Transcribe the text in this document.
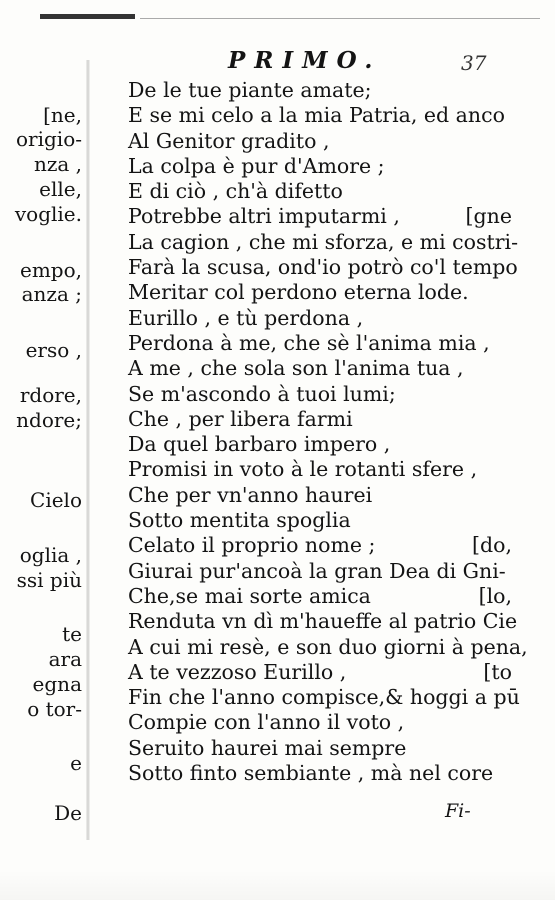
PRIMO.	37
[ne,
origio-
nza ,
elle,
voglie.
empo,
anza ;
erso ,
rdore,
ndore;
Cielo
oglia ,
ssi più
te
ara
egna
o tor-
e
De
De le tue piante amate;
E se mi celo a la mia Patria, ed anco
Al Genitor gradito ,
La colpa è pur d'Amore ;
E di ciò , ch'à difetto
Potrebbe altri imputarmi ,	[gne
La cagion , che mi sforza, e mi costri-
Farà la scusa, ond'io potrò co'l tempo
Meritar col perdono eterna lode.
Eurillo , e tù perdona ,
Perdona à me, che sè l'anima mia ,
A me , che sola son l'anima tua ,
Se m'ascondo à tuoi lumi;
Che , per libera farmi
Da quel barbaro impero ,
Promisi in voto à le rotanti sfere ,
Che per vn'anno haurei
Sotto mentita spoglia
Celato il proprio nome ;	[do,
Giurai pur'ancoà la gran Dea di Gni-
Che,se mai sorte amica	[lo,
Renduta vn dì m'haueffe al patrio Cie
A cui mi resè, e son duo giorni à pena,
A te vezzoso Eurillo ,	[to
Fin che l'anno compisce,& hoggi a pū
Compie con l'anno il voto ,
Seruito haurei mai sempre
Sotto finto sembiante , mà nel core
Fi-
